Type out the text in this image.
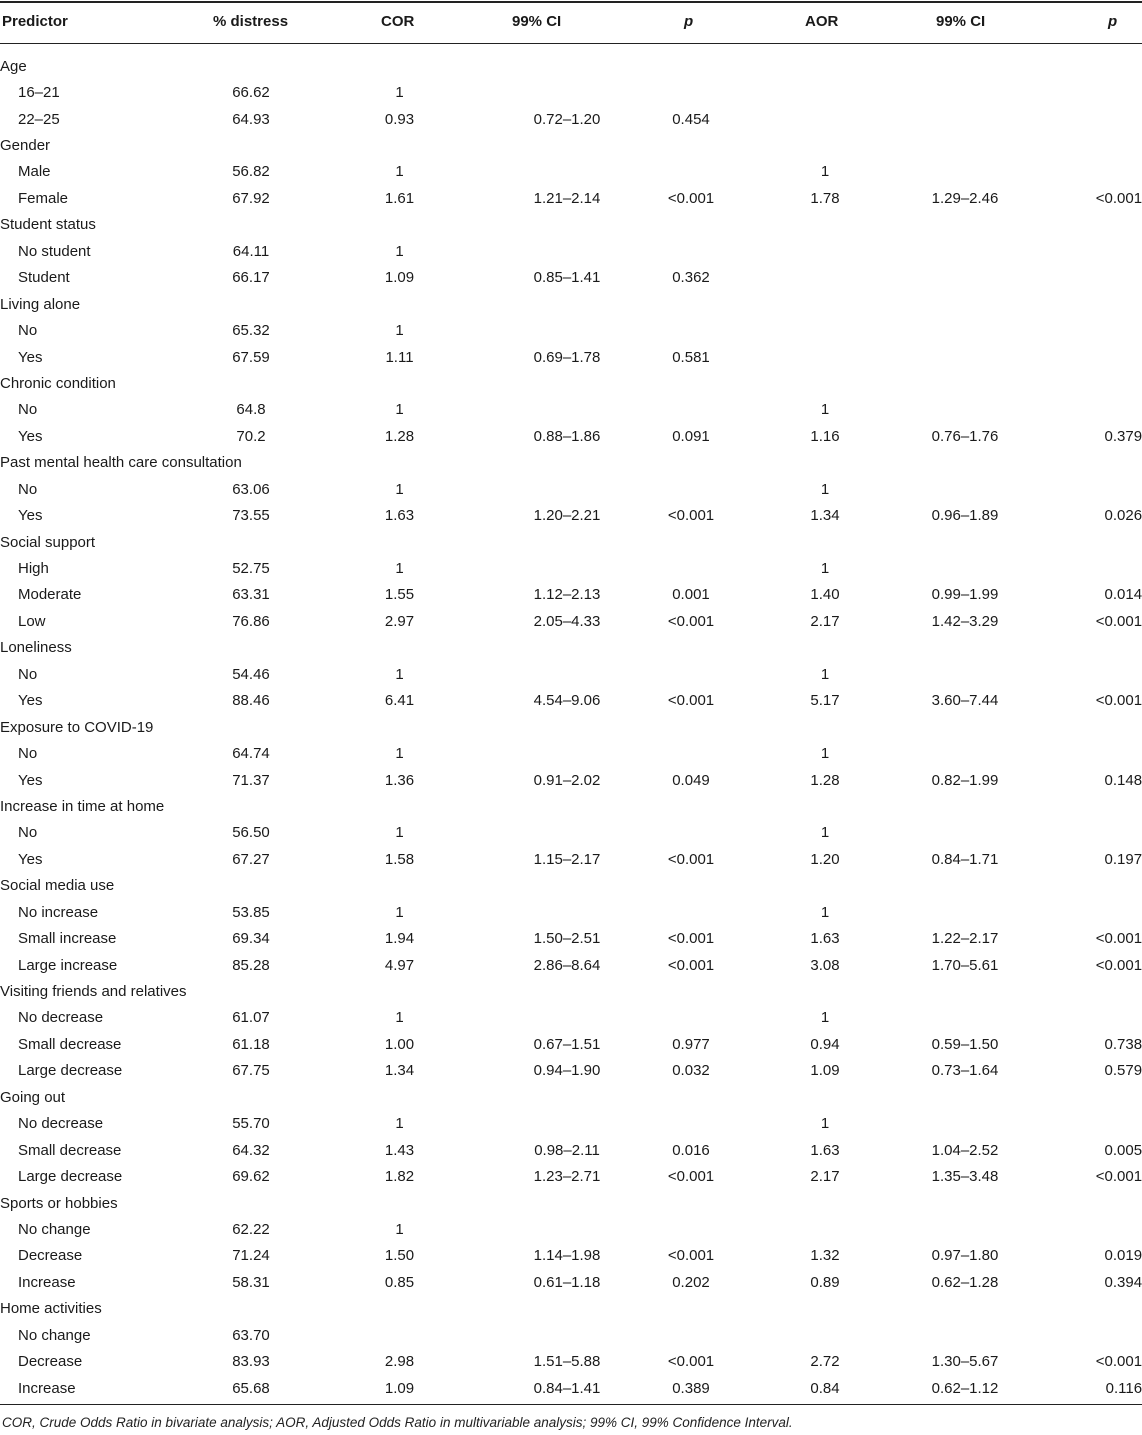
Predictor	% distress	COR	99% CI	p	AOR	99% CI	p
Age							
16–21	66.62	1					
22–25	64.93	0.93	0.72–1.20	0.454			
Gender							
Male	56.82	1			1		
Female	67.92	1.61	1.21–2.14	<0.001	1.78	1.29–2.46	<0.001
Student status							
No student	64.11	1					
Student	66.17	1.09	0.85–1.41	0.362			
Living alone							
No	65.32	1					
Yes	67.59	1.11	0.69–1.78	0.581			
Chronic condition							
No	64.8	1			1		
Yes	70.2	1.28	0.88–1.86	0.091	1.16	0.76–1.76	0.379
Past mental health care consultation							
No	63.06	1			1		
Yes	73.55	1.63	1.20–2.21	<0.001	1.34	0.96–1.89	0.026
Social support							
High	52.75	1			1		
Moderate	63.31	1.55	1.12–2.13	0.001	1.40	0.99–1.99	0.014
Low	76.86	2.97	2.05–4.33	<0.001	2.17	1.42–3.29	<0.001
Loneliness							
No	54.46	1			1		
Yes	88.46	6.41	4.54–9.06	<0.001	5.17	3.60–7.44	<0.001
Exposure to COVID-19							
No	64.74	1			1		
Yes	71.37	1.36	0.91–2.02	0.049	1.28	0.82–1.99	0.148
Increase in time at home							
No	56.50	1			1		
Yes	67.27	1.58	1.15–2.17	<0.001	1.20	0.84–1.71	0.197
Social media use							
No increase	53.85	1			1		
Small increase	69.34	1.94	1.50–2.51	<0.001	1.63	1.22–2.17	<0.001
Large increase	85.28	4.97	2.86–8.64	<0.001	3.08	1.70–5.61	<0.001
Visiting friends and relatives							
No decrease	61.07	1			1		
Small decrease	61.18	1.00	0.67–1.51	0.977	0.94	0.59–1.50	0.738
Large decrease	67.75	1.34	0.94–1.90	0.032	1.09	0.73–1.64	0.579
Going out							
No decrease	55.70	1			1		
Small decrease	64.32	1.43	0.98–2.11	0.016	1.63	1.04–2.52	0.005
Large decrease	69.62	1.82	1.23–2.71	<0.001	2.17	1.35–3.48	<0.001
Sports or hobbies							
No change	62.22	1					
Decrease	71.24	1.50	1.14–1.98	<0.001	1.32	0.97–1.80	0.019
Increase	58.31	0.85	0.61–1.18	0.202	0.89	0.62–1.28	0.394
Home activities							
No change	63.70						
Decrease	83.93	2.98	1.51–5.88	<0.001	2.72	1.30–5.67	<0.001
Increase	65.68	1.09	0.84–1.41	0.389	0.84	0.62–1.12	0.116
COR, Crude Odds Ratio in bivariate analysis; AOR, Adjusted Odds Ratio in multivariable analysis; 99% CI, 99% Confidence Interval.
